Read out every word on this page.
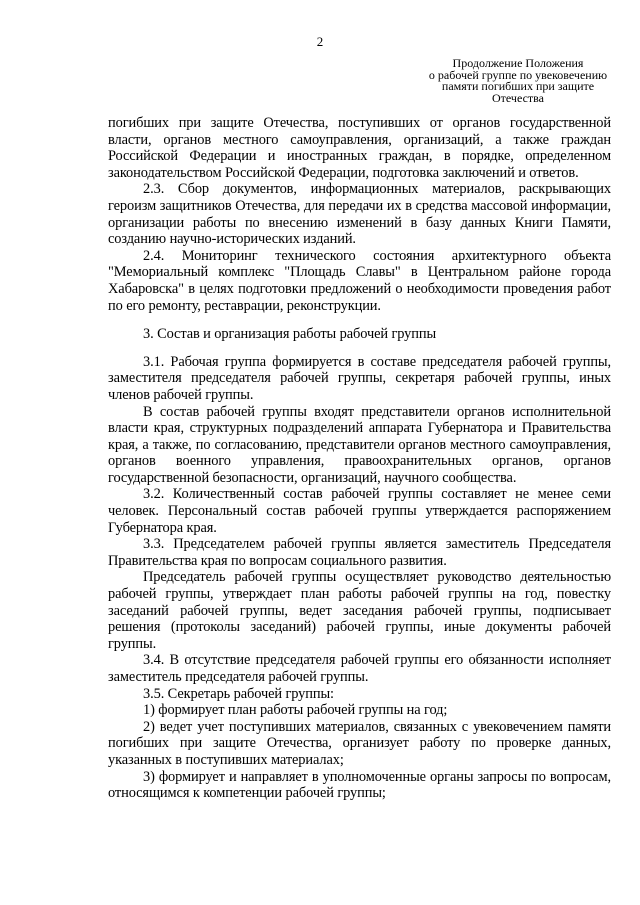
2
Продолжение Положения
о рабочей группе по увековечению
памяти погибших при защите
Отечества

погибших при защите Отечества, поступивших от органов государственной власти, органов местного самоуправления, организаций, а также граждан Российской Федерации и иностранных граждан, в порядке, определенном законодательством Российской Федерации, подготовка заключений и ответов.

2.3. Сбор документов, информационных материалов, раскрывающих героизм защитников Отечества, для передачи их в средства массовой информации, организации работы по внесению изменений в базу данных Книги Памяти, созданию научно-исторических изданий.

2.4. Мониторинг технического состояния архитектурного объекта "Мемориальный комплекс "Площадь Славы" в Центральном районе города Хабаровска" в целях подготовки предложений о необходимости проведения работ по его ремонту, реставрации, реконструкции.

3. Состав и организация работы рабочей группы

3.1. Рабочая группа формируется в составе председателя рабочей группы, заместителя председателя рабочей группы, секретаря рабочей группы, иных членов рабочей группы.

В состав рабочей группы входят представители органов исполнительной власти края, структурных подразделений аппарата Губернатора и Правительства края, а также, по согласованию, представители органов местного самоуправления, органов военного управления, правоохранительных органов, органов государственной безопасности, организаций, научного сообщества.

3.2. Количественный состав рабочей группы составляет не менее семи человек. Персональный состав рабочей группы утверждается распоряжением Губернатора края.

3.3. Председателем рабочей группы является заместитель Председателя Правительства края по вопросам социального развития.

Председатель рабочей группы осуществляет руководство деятельностью рабочей группы, утверждает план работы рабочей группы на год, повестку заседаний рабочей группы, ведет заседания рабочей группы, подписывает решения (протоколы заседаний) рабочей группы, иные документы рабочей группы.

3.4. В отсутствие председателя рабочей группы его обязанности исполняет заместитель председателя рабочей группы.

3.5. Секретарь рабочей группы:

1) формирует план работы рабочей группы на год;

2) ведет учет поступивших материалов, связанных с увековечением памяти погибших при защите Отечества, организует работу по проверке данных, указанных в поступивших материалах;

3) формирует и направляет в уполномоченные органы запросы по вопросам, относящимся к компетенции рабочей группы;
